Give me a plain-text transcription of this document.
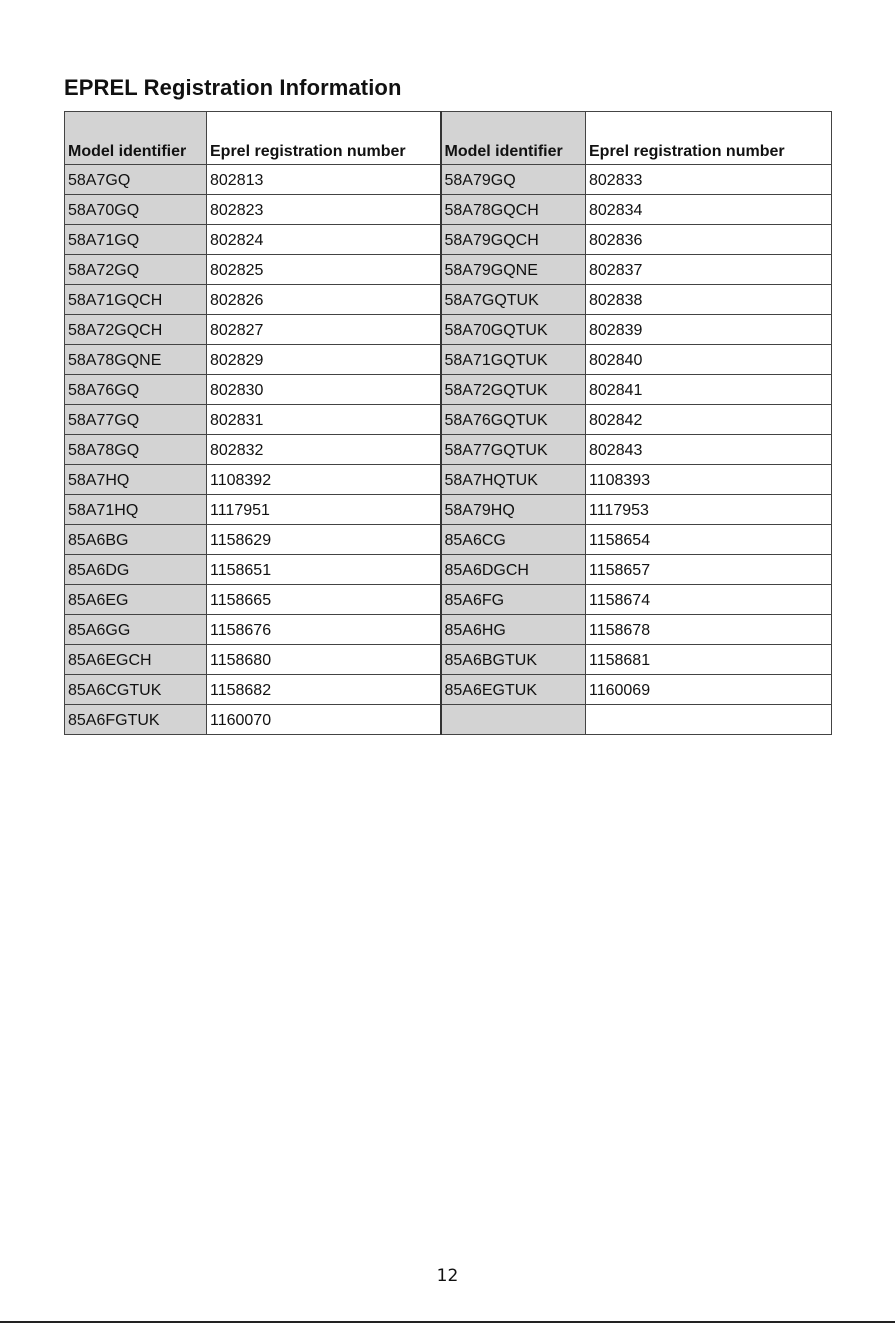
EPREL Registration Information
Model identifier	Eprel registration number	Model identifier	Eprel registration number
58A7GQ	802813	58A79GQ	802833
58A70GQ	802823	58A78GQCH	802834
58A71GQ	802824	58A79GQCH	802836
58A72GQ	802825	58A79GQNE	802837
58A71GQCH	802826	58A7GQTUK	802838
58A72GQCH	802827	58A70GQTUK	802839
58A78GQNE	802829	58A71GQTUK	802840
58A76GQ	802830	58A72GQTUK	802841
58A77GQ	802831	58A76GQTUK	802842
58A78GQ	802832	58A77GQTUK	802843
58A7HQ	1108392	58A7HQTUK	1108393
58A71HQ	1117951	58A79HQ	1117953
85A6BG	1158629	85A6CG	1158654
85A6DG	1158651	85A6DGCH	1158657
85A6EG	1158665	85A6FG	1158674
85A6GG	1158676	85A6HG	1158678
85A6EGCH	1158680	85A6BGTUK	1158681
85A6CGTUK	1158682	85A6EGTUK	1160069
85A6FGTUK	1160070		
12
